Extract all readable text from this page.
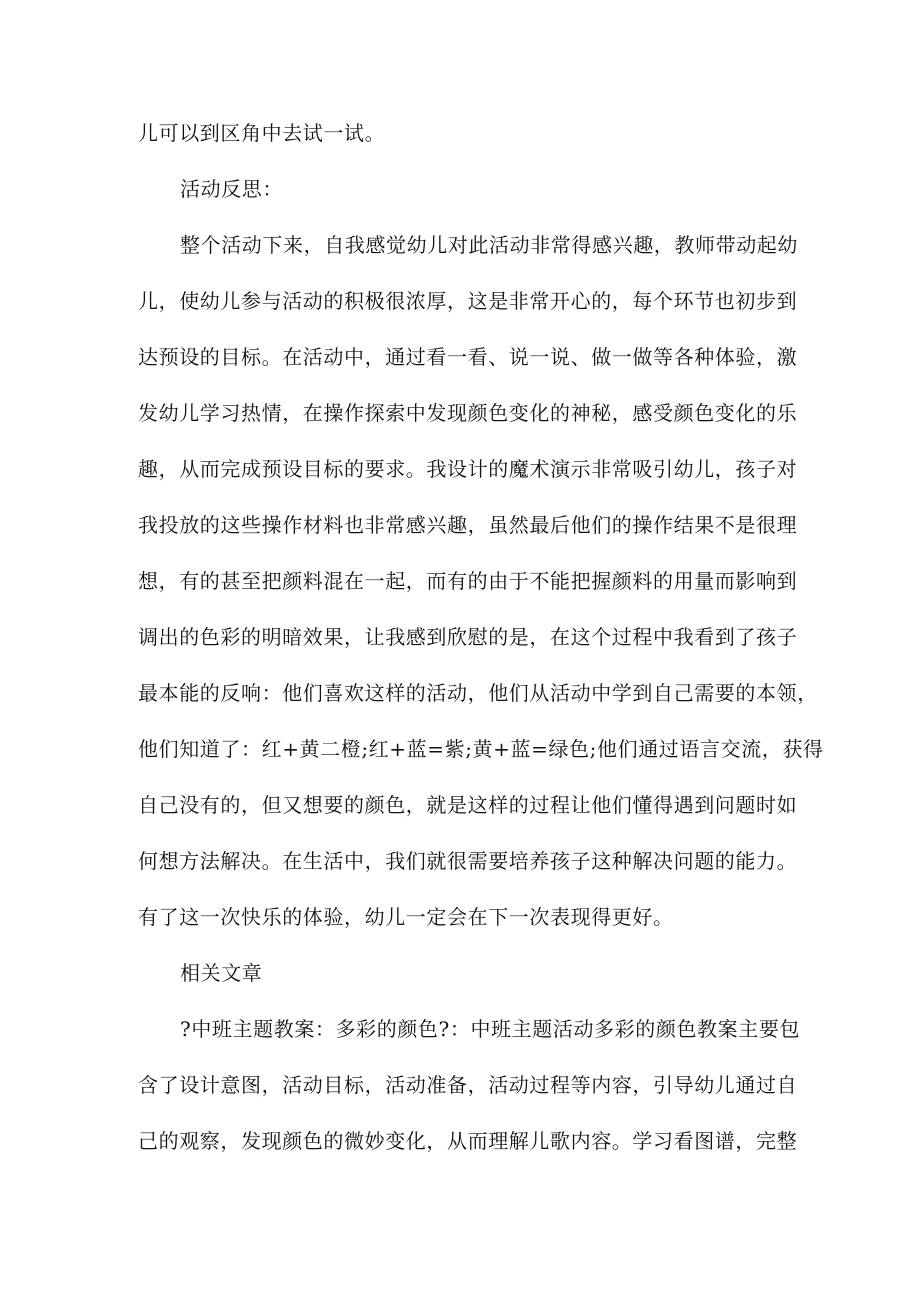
儿可以到区角中去试一试。
活动反思：
整个活动下来，自我感觉幼儿对此活动非常得感兴趣，教师带动起幼
儿，使幼儿参与活动的积极很浓厚，这是非常开心的，每个环节也初步到
达预设的目标。在活动中，通过看一看、说一说、做一做等各种体验，激
发幼儿学习热情，在操作探索中发现颜色变化的神秘，感受颜色变化的乐
趣，从而完成预设目标的要求。我设计的魔术演示非常吸引幼儿，孩子对
我投放的这些操作材料也非常感兴趣，虽然最后他们的操作结果不是很理
想，有的甚至把颜料混在一起，而有的由于不能把握颜料的用量而影响到
调出的色彩的明暗效果，让我感到欣慰的是，在这个过程中我看到了孩子
最本能的反响：他们喜欢这样的活动，他们从活动中学到自己需要的本领，
他们知道了：红+黄二橙;红+蓝=紫;黄+蓝=绿色;他们通过语言交流，获得
自己没有的，但又想要的颜色，就是这样的过程让他们懂得遇到问题时如
何想方法解决。在生活中，我们就很需要培养孩子这种解决问题的能力。
有了这一次快乐的体验，幼儿一定会在下一次表现得更好。
相关文章
?中班主题教案：多彩的颜色?：中班主题活动多彩的颜色教案主要包
含了设计意图，活动目标，活动准备，活动过程等内容，引导幼儿通过自
己的观察，发现颜色的微妙变化，从而理解儿歌内容。学习看图谱，完整
